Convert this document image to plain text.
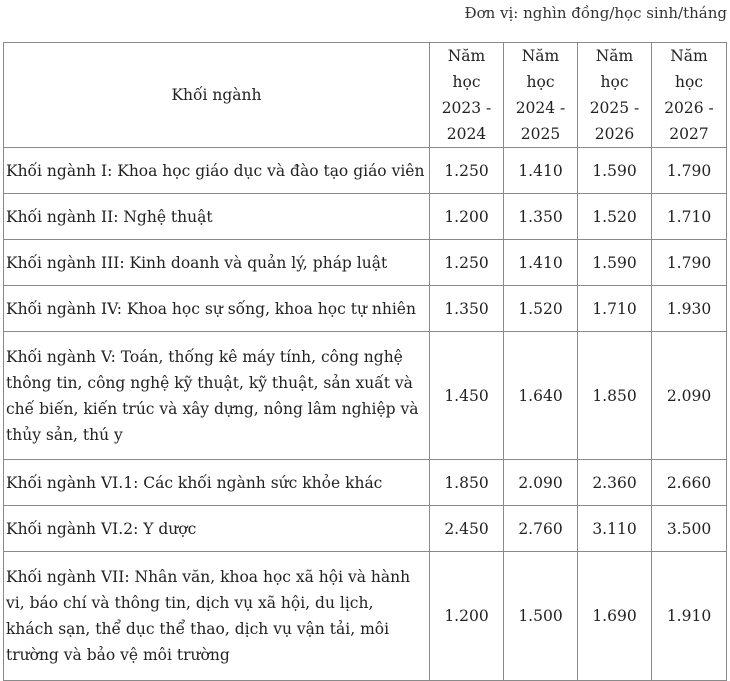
Đơn vị: nghìn đồng/học sinh/tháng
Khối ngành	Năm học 2023 - 2024	Năm học 2024 - 2025	Năm học 2025 - 2026	Năm học 2026 - 2027
Khối ngành I: Khoa học giáo dục và đào tạo giáo viên	1.250	1.410	1.590	1.790
Khối ngành II: Nghệ thuật	1.200	1.350	1.520	1.710
Khối ngành III: Kinh doanh và quản lý, pháp luật	1.250	1.410	1.590	1.790
Khối ngành IV: Khoa học sự sống, khoa học tự nhiên	1.350	1.520	1.710	1.930
Khối ngành V: Toán, thống kê máy tính, công nghệ thông tin, công nghệ kỹ thuật, kỹ thuật, sản xuất và chế biến, kiến trúc và xây dựng, nông lâm nghiệp và thủy sản, thú y	1.450	1.640	1.850	2.090
Khối ngành VI.1: Các khối ngành sức khỏe khác	1.850	2.090	2.360	2.660
Khối ngành VI.2: Y dược	2.450	2.760	3.110	3.500
Khối ngành VII: Nhân văn, khoa học xã hội và hành vi, báo chí và thông tin, dịch vụ xã hội, du lịch, khách sạn, thể dục thể thao, dịch vụ vận tải, môi trường và bảo vệ môi trường	1.200	1.500	1.690	1.910
